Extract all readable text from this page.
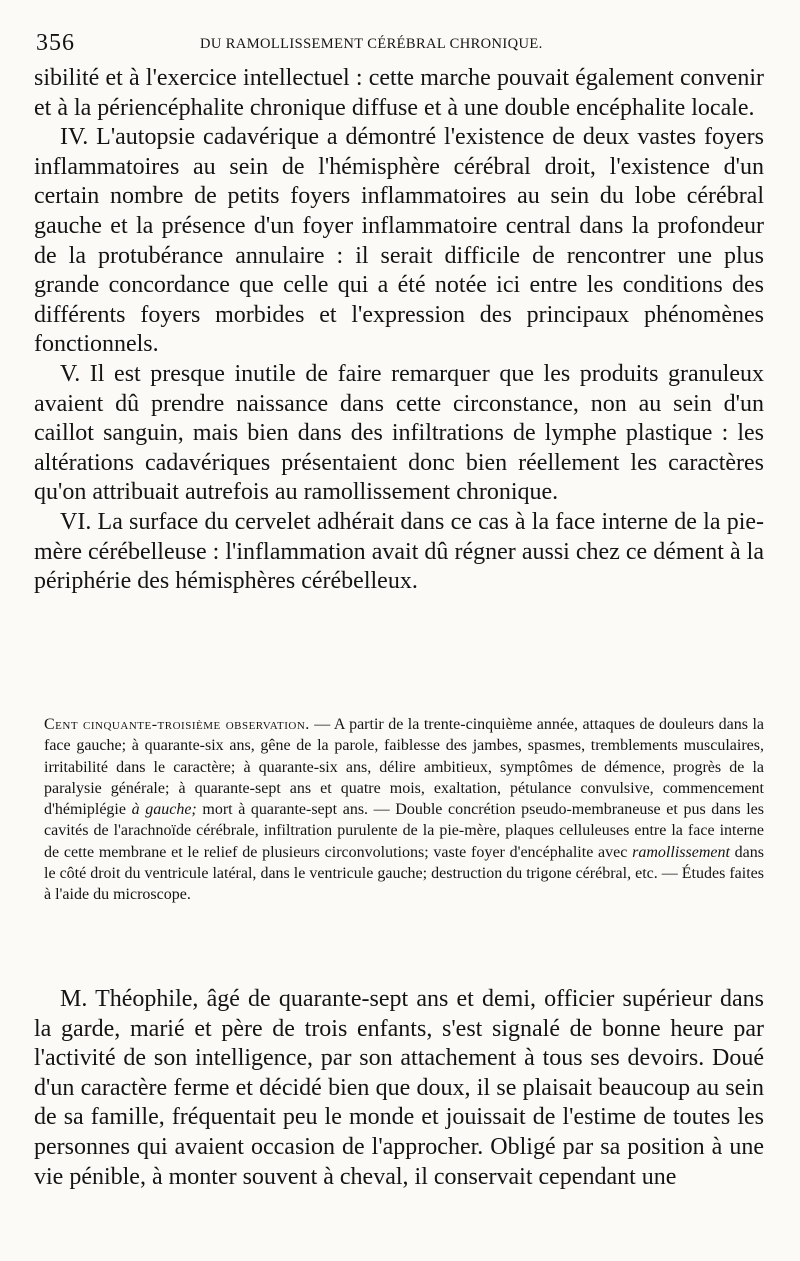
356	DU RAMOLLISSEMENT CÉRÉBRAL CHRONIQUE.

sibilité et à l'exercice intellectuel : cette marche pouvait également convenir et à la périencéphalite chronique diffuse et à une double encéphalite locale.

IV. L'autopsie cadavérique a démontré l'existence de deux vastes foyers inflammatoires au sein de l'hémisphère cérébral droit, l'existence d'un certain nombre de petits foyers inflammatoires au sein du lobe cérébral gauche et la présence d'un foyer inflammatoire central dans la profondeur de la protubérance annulaire : il serait difficile de rencontrer une plus grande concordance que celle qui a été notée ici entre les conditions des différents foyers morbides et l'expression des principaux phénomènes fonctionnels.

V. Il est presque inutile de faire remarquer que les produits granuleux avaient dû prendre naissance dans cette circonstance, non au sein d'un caillot sanguin, mais bien dans des infiltrations de lymphe plastique : les altérations cadavériques présentaient donc bien réellement les caractères qu'on attribuait autrefois au ramollissement chronique.

VI. La surface du cervelet adhérait dans ce cas à la face interne de la pie-mère cérébelleuse : l'inflammation avait dû régner aussi chez ce dément à la périphérie des hémisphères cérébelleux.

Cent cinquante-troisième observation. — A partir de la trente-cinquième année, attaques de douleurs dans la face gauche; à quarante-six ans, gêne de la parole, faiblesse des jambes, spasmes, tremblements musculaires, irritabilité dans le caractère; à quarante-six ans, délire ambitieux, symptômes de démence, progrès de la paralysie générale; à quarante-sept ans et quatre mois, exaltation, pétulance convulsive, commencement d'hémiplégie à gauche; mort à quarante-sept ans. — Double concrétion pseudo-membraneuse et pus dans les cavités de l'arachnoïde cérébrale, infiltration purulente de la pie-mère, plaques celluleuses entre la face interne de cette membrane et le relief de plusieurs circonvolutions; vaste foyer d'encéphalite avec ramollissement dans le côté droit du ventricule latéral, dans le ventricule gauche; destruction du trigone cérébral, etc. — Études faites à l'aide du microscope.

M. Théophile, âgé de quarante-sept ans et demi, officier supérieur dans la garde, marié et père de trois enfants, s'est signalé de bonne heure par l'activité de son intelligence, par son attachement à tous ses devoirs. Doué d'un caractère ferme et décidé bien que doux, il se plaisait beaucoup au sein de sa famille, fréquentait peu le monde et jouissait de l'estime de toutes les personnes qui avaient occasion de l'approcher. Obligé par sa position à une vie pénible, à monter souvent à cheval, il conservait cependant une
